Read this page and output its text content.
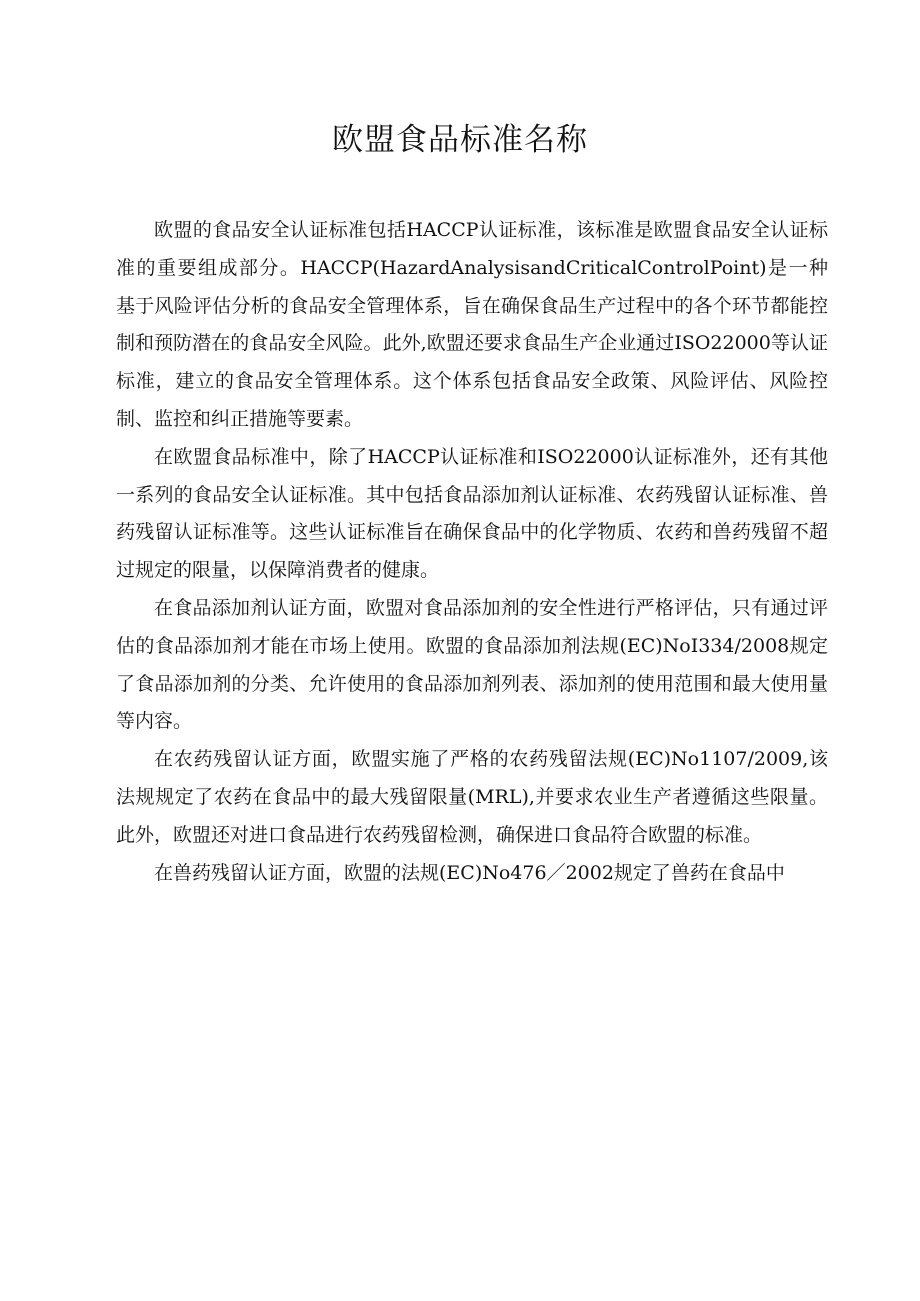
欧盟食品标准名称

欧盟的食品安全认证标准包括HACCP认证标准，该标准是欧盟食品安全认证标准的重要组成部分。HACCP(HazardAnalysisandCriticalControlPoint)是一种基于风险评估分析的食品安全管理体系，旨在确保食品生产过程中的各个环节都能控制和预防潜在的食品安全风险。此外,欧盟还要求食品生产企业通过ISO22000等认证标准，建立的食品安全管理体系。这个体系包括食品安全政策、风险评估、风险控制、监控和纠正措施等要素。

在欧盟食品标准中，除了HACCP认证标准和ISO22000认证标准外，还有其他一系列的食品安全认证标准。其中包括食品添加剂认证标准、农药残留认证标准、兽药残留认证标准等。这些认证标准旨在确保食品中的化学物质、农药和兽药残留不超过规定的限量，以保障消费者的健康。

在食品添加剂认证方面，欧盟对食品添加剂的安全性进行严格评估，只有通过评估的食品添加剂才能在市场上使用。欧盟的食品添加剂法规(EC)NoI334/2008规定了食品添加剂的分类、允许使用的食品添加剂列表、添加剂的使用范围和最大使用量等内容。

在农药残留认证方面，欧盟实施了严格的农药残留法规(EC)No1107/2009,该法规规定了农药在食品中的最大残留限量(MRL),并要求农业生产者遵循这些限量。此外，欧盟还对进口食品进行农药残留检测，确保进口食品符合欧盟的标准。

在兽药残留认证方面，欧盟的法规(EC)No476／2002规定了兽药在食品中
